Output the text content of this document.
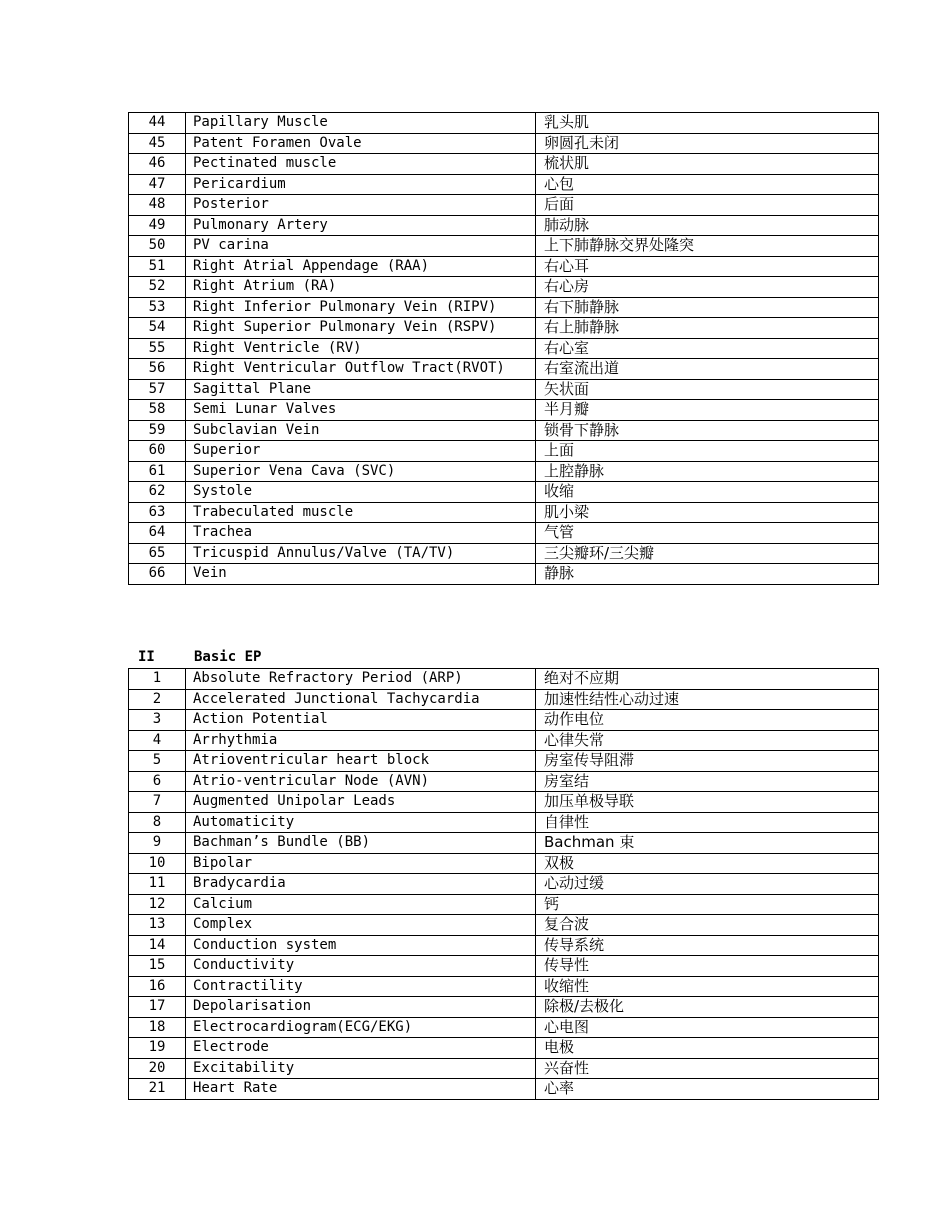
44	Papillary Muscle	乳头肌
45	Patent Foramen Ovale	卵圆孔未闭
46	Pectinated muscle	梳状肌
47	Pericardium	心包
48	Posterior	后面
49	Pulmonary Artery	肺动脉
50	PV carina	上下肺静脉交界处隆突
51	Right Atrial Appendage (RAA)	右心耳
52	Right Atrium (RA)	右心房
53	Right Inferior Pulmonary Vein (RIPV)	右下肺静脉
54	Right Superior Pulmonary Vein (RSPV)	右上肺静脉
55	Right Ventricle (RV)	右心室
56	Right Ventricular Outflow Tract(RVOT)	右室流出道
57	Sagittal Plane	矢状面
58	Semi Lunar Valves	半月瓣
59	Subclavian Vein	锁骨下静脉
60	Superior	上面
61	Superior Vena Cava (SVC)	上腔静脉
62	Systole	收缩
63	Trabeculated muscle	肌小梁
64	Trachea	气管
65	Tricuspid Annulus/Valve (TA/TV)	三尖瓣环/三尖瓣
66	Vein	静脉
II	Basic EP
1	Absolute Refractory Period (ARP)	绝对不应期
2	Accelerated Junctional Tachycardia	加速性结性心动过速
3	Action Potential	动作电位
4	Arrhythmia	心律失常
5	Atrioventricular heart block	房室传导阻滞
6	Atrio-ventricular Node (AVN)	房室结
7	Augmented Unipolar Leads	加压单极导联
8	Automaticity	自律性
9	Bachman’s Bundle (BB)	Bachman 束
10	Bipolar	双极
11	Bradycardia	心动过缓
12	Calcium	钙
13	Complex	复合波
14	Conduction system	传导系统
15	Conductivity	传导性
16	Contractility	收缩性
17	Depolarisation	除极/去极化
18	Electrocardiogram(ECG/EKG)	心电图
19	Electrode	电极
20	Excitability	兴奋性
21	Heart Rate	心率
